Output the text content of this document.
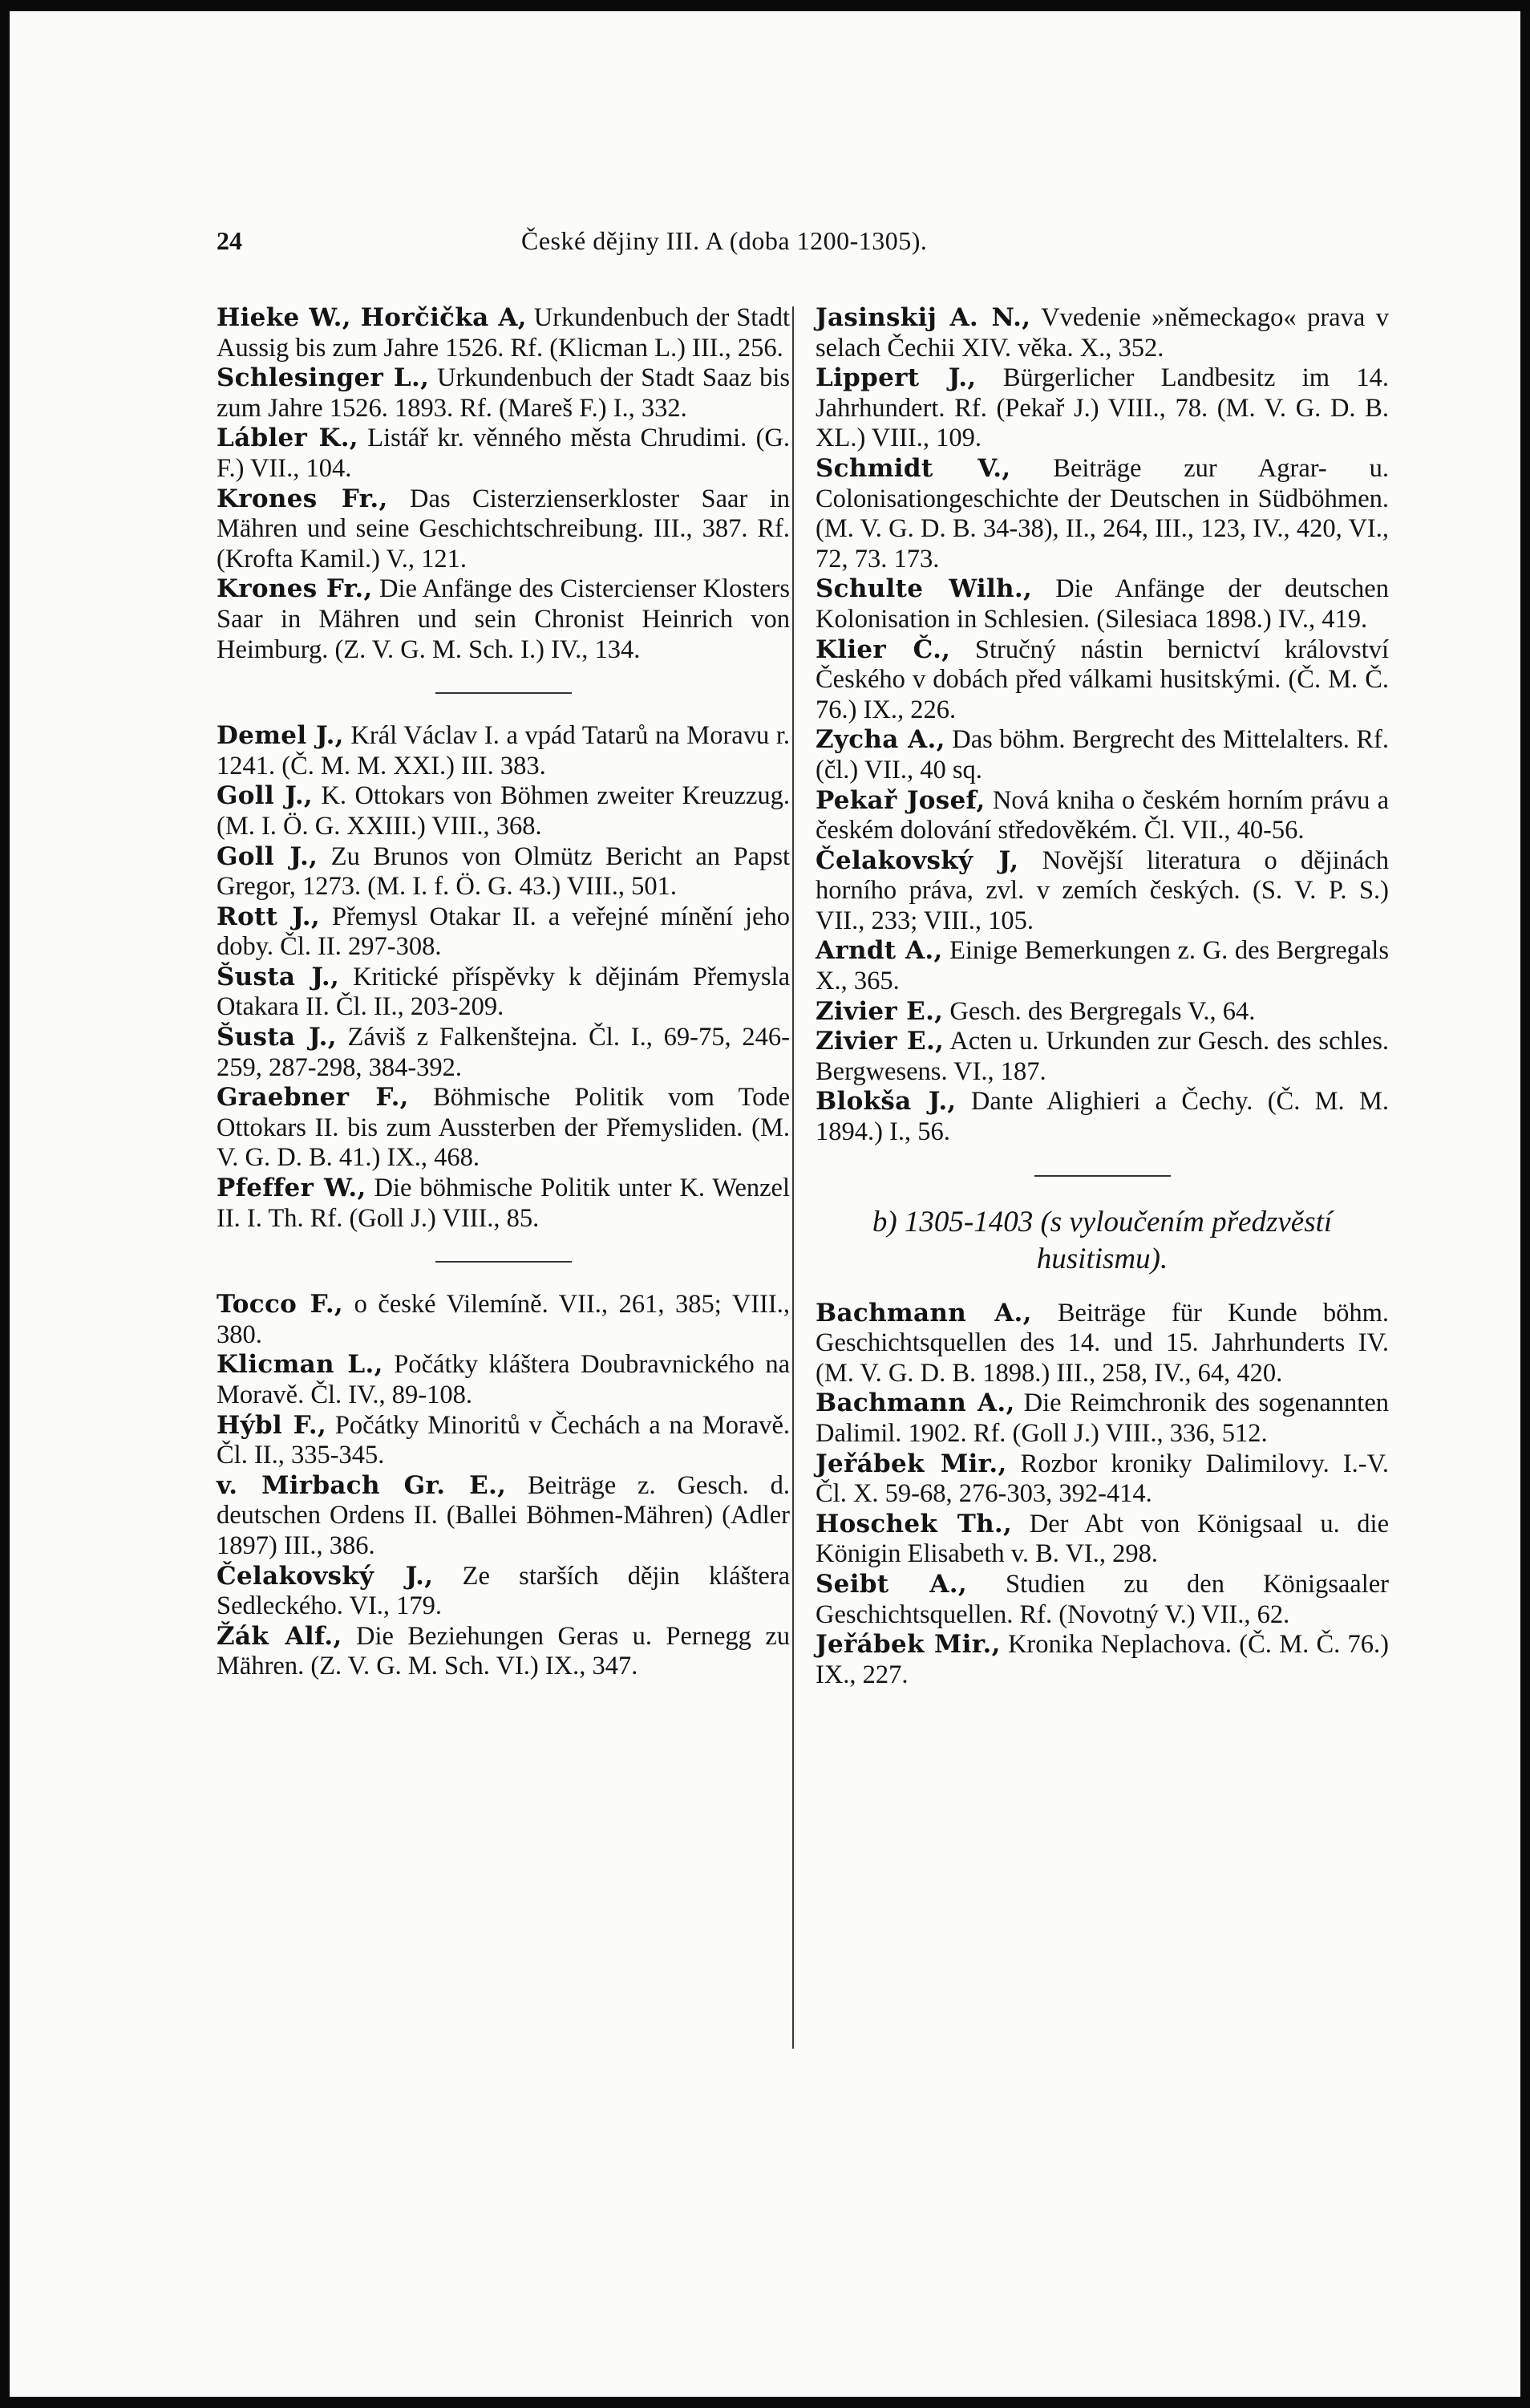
24	České dějiny III. A (doba 1200-1305).

Hieke W., Horčička A, Urkundenbuch der Stadt Aussig bis zum Jahre 1526. Rf. (Klicman L.) III., 256.

Schlesinger L., Urkundenbuch der Stadt Saaz bis zum Jahre 1526. 1893. Rf. (Mareš F.) I., 332.

Lábler K., Listář kr. věnného města Chrudimi. (G. F.) VII., 104.

Krones Fr., Das Cisterzienserkloster Saar in Mähren und seine Geschichtschreibung. III., 387. Rf. (Krofta Kamil.) V., 121.

Krones Fr., Die Anfänge des Cistercienser Klosters Saar in Mähren und sein Chronist Heinrich von Heimburg. (Z. V. G. M. Sch. I.) IV., 134.

Demel J., Král Václav I. a vpád Tatarů na Moravu r. 1241. (Č. M. M. XXI.) III. 383.

Goll J., K. Ottokars von Böhmen zweiter Kreuzzug. (M. I. Ö. G. XXIII.) VIII., 368.

Goll J., Zu Brunos von Olmütz Bericht an Papst Gregor, 1273. (M. I. f. Ö. G. 43.) VIII., 501.

Rott J., Přemysl Otakar II. a veřejné mínění jeho doby. Čl. II. 297-308.

Šusta J., Kritické příspěvky k dějinám Přemysla Otakara II. Čl. II., 203-209.

Šusta J., Záviš z Falkenštejna. Čl. I., 69-75, 246-259, 287-298, 384-392.

Graebner F., Böhmische Politik vom Tode Ottokars II. bis zum Aussterben der Přemysliden. (M. V. G. D. B. 41.) IX., 468.

Pfeffer W., Die böhmische Politik unter K. Wenzel II. I. Th. Rf. (Goll J.) VIII., 85.

Tocco F., o české Vilemíně. VII., 261, 385; VIII., 380.

Klicman L., Počátky kláštera Doubravnického na Moravě. Čl. IV., 89-108.

Hýbl F., Počátky Minoritů v Čechách a na Moravě. Čl. II., 335-345.

v. Mirbach Gr. E., Beiträge z. Gesch. d. deutschen Ordens II. (Ballei Böhmen-Mähren) (Adler 1897) III., 386.

Čelakovský J., Ze starších dějin kláštera Sedleckého. VI., 179.

Žák Alf., Die Beziehungen Geras u. Pernegg zu Mähren. (Z. V. G. M. Sch. VI.) IX., 347.

Jasinskij A. N., Vvedenie »německago« prava v selach Čechii XIV. věka. X., 352.

Lippert J., Bürgerlicher Landbesitz im 14. Jahrhundert. Rf. (Pekař J.) VIII., 78. (M. V. G. D. B. XL.) VIII., 109.

Schmidt V., Beiträge zur Agrar- u. Colonisationgeschichte der Deutschen in Südböhmen. (M. V. G. D. B. 34-38), II., 264, III., 123, IV., 420, VI., 72, 73. 173.

Schulte Wilh., Die Anfänge der deutschen Kolonisation in Schlesien. (Silesiaca 1898.) IV., 419.

Klier Č., Stručný nástin bernictví království Českého v dobách před válkami husitskými. (Č. M. Č. 76.) IX., 226.

Zycha A., Das böhm. Bergrecht des Mittelalters. Rf. (čl.) VII., 40 sq.

Pekař Josef, Nová kniha o českém horním právu a českém dolování středověkém. Čl. VII., 40-56.

Čelakovský J, Novější literatura o dějinách horního práva, zvl. v zemích českých. (S. V. P. S.) VII., 233; VIII., 105.

Arndt A., Einige Bemerkungen z. G. des Bergregals X., 365.

Zivier E., Gesch. des Bergregals V., 64.

Zivier E., Acten u. Urkunden zur Gesch. des schles. Bergwesens. VI., 187.

Blokša J., Dante Alighieri a Čechy. (Č. M. M. 1894.) I., 56.

b) 1305-1403 (s vyloučením předzvěstí husitismu).

Bachmann A., Beiträge für Kunde böhm. Geschichtsquellen des 14. und 15. Jahrhunderts IV. (M. V. G. D. B. 1898.) III., 258, IV., 64, 420.

Bachmann A., Die Reimchronik des sogenannten Dalimil. 1902. Rf. (Goll J.) VIII., 336, 512.

Jeřábek Mir., Rozbor kroniky Dalimilovy. I.-V. Čl. X. 59-68, 276-303, 392-414.

Hoschek Th., Der Abt von Königsaal u. die Königin Elisabeth v. B. VI., 298.

Seibt A., Studien zu den Königsaaler Geschichtsquellen. Rf. (Novotný V.) VII., 62.

Jeřábek Mir., Kronika Neplachova. (Č. M. Č. 76.) IX., 227.
